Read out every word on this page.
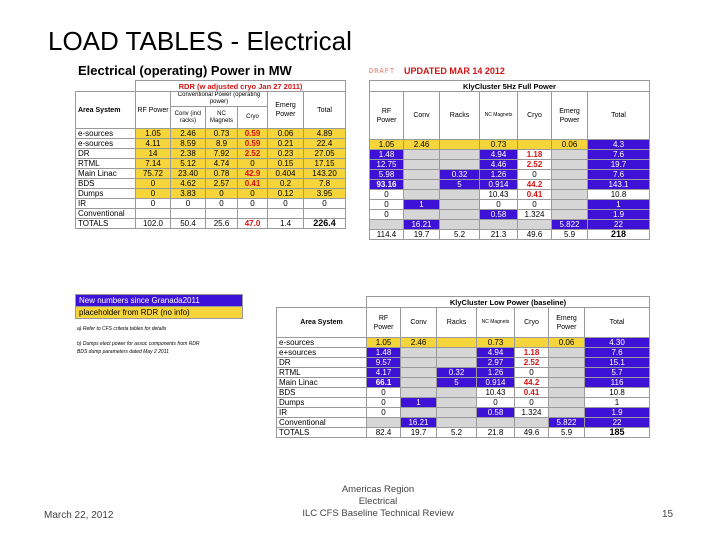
LOAD TABLES - Electrical
Electrical (operating) Power in MW	DRAFT UPDATED MAR 14 2012
	RDR (w adjusted cryo Jan 27 2011)					
Area System	RF Power	Conventional Power (operating power)			Emerg Power	Total
		Conv (incl racks)	NC Magnets	Cryo		
e-sources	1.05	2.46	0.73	0.59	0.06	4.89
e-sources	4.11	8.59	8.9	0.59	0.21	22.4
DR	14	2.38	7.92	2.52	0.23	27.05
RTML	7.14	5.12	4.74	0	0.15	17.15
Main Linac	75.72	23.40	0.78	42.9	0.404	143.20
BDS	0	4.62	2.57	0.41	0.2	7.8
Dumps	0	3.83	0	0	0.12	3.95
IR	0	0	0	0	0	0
Conventional						
TOTALS	102.0	50.4	25.6	47.0	1.4	226.4
KlyCluster 5Hz Full Power						
RF Power	Conv	Racks	NC Magnets	Cryo	Emerg Power	Total
1.05	2.46		0.73		0.06	4.3
1.48			4.94	1.18		7.6
12.75			4.46	2.52		19.7
5.98		0.32	1.26	0		7.6
93.16		5	0.914	44.2		143.1
0			10.43	0.41		10.8
0	1		0	0		1
0			0.58	1.324		1.9
	16.21				5.822	22
114.4	19.7	5.2	21.3	49.6	5.9	218
New numbers since Granada2011
placeholder from RDR (no info)
a) Refer to CFS criteria tables for details
b) Dumps elect power for assoc components from RDR
BDS dump parameters dated May 2 2011
	KlyCluster Low Power (baseline)						
Area System	RF Power	Conv	Racks	NC Magnets	Cryo	Emerg Power	Total
e-sources	1.05	2.46		0.73		0.06	4.30
e+sources	1.48			4.94	1.18		7.6
DR	9.57			2.97	2.52		15.1
RTML	4.17		0.32	1.26	0		5.7
Main Linac	66.1		5	0.914	44.2		116
BDS	0			10.43	0.41		10.8
Dumps	0	1		0	0		1
IR	0			0.58	1.324		1.9
Conventional		16.21				5.822	22
TOTALS	82.4	19.7	5.2	21.8	49.6	5.9	185
March 22, 2012
Americas Region
Electrical
ILC CFS Baseline Technical Review	15
